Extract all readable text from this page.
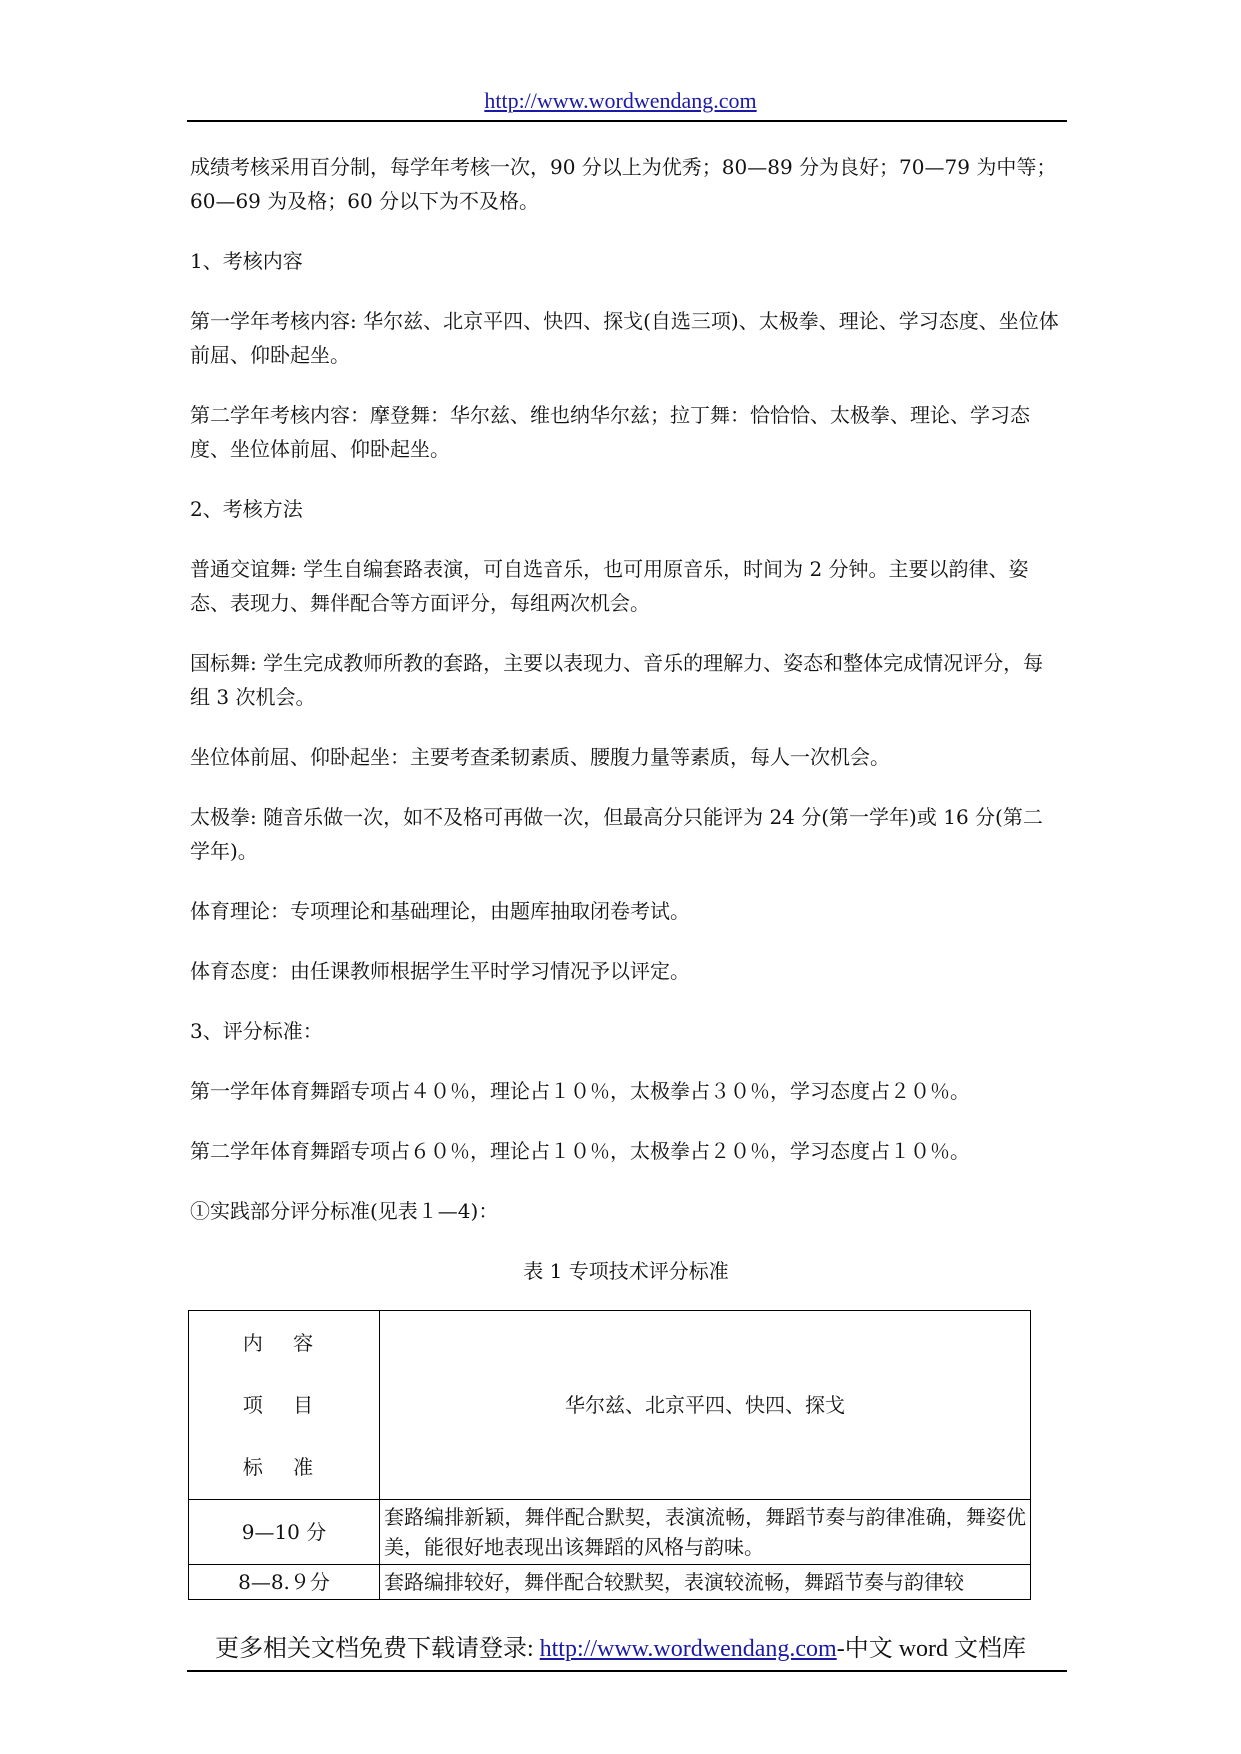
http://www.wordwendang.com

成绩考核采用百分制，每学年考核一次，90 分以上为优秀；80—89 分为良好；70—79 为中等；60—69 为及格；60 分以下为不及格。

1、考核内容

第一学年考核内容: 华尔兹、北京平四、快四、探戈(自选三项)、太极拳、理论、学习态度、坐位体前屈、仰卧起坐。

第二学年考核内容：摩登舞：华尔兹、维也纳华尔兹；拉丁舞：恰恰恰、太极拳、理论、学习态度、坐位体前屈、仰卧起坐。

2、考核方法

普通交谊舞: 学生自编套路表演，可自选音乐，也可用原音乐，时间为 2 分钟。主要以韵律、姿态、表现力、舞伴配合等方面评分，每组两次机会。

国标舞: 学生完成教师所教的套路，主要以表现力、音乐的理解力、姿态和整体完成情况评分，每组 3 次机会。

坐位体前屈、仰卧起坐：主要考查柔韧素质、腰腹力量等素质，每人一次机会。

太极拳: 随音乐做一次，如不及格可再做一次，但最高分只能评为 24 分(第一学年)或 16 分(第二学年)。

体育理论：专项理论和基础理论，由题库抽取闭卷考试。

体育态度：由任课教师根据学生平时学习情况予以评定。

3、评分标准：

第一学年体育舞蹈专项占４０％，理论占１０％，太极拳占３０％，学习态度占２０％。

第二学年体育舞蹈专项占６０％，理论占１０％，太极拳占２０％，学习态度占１０％。

①实践部分评分标准(见表１—4)：

表 1 专项技术评分标准
内 容
项 目
标 准	华尔兹、北京平四、快四、探戈
9—10 分	套路编排新颖，舞伴配合默契，表演流畅，舞蹈节奏与韵律准确，舞姿优美，能很好地表现出该舞蹈的风格与韵味。
8—8.９分	套路编排较好，舞伴配合较默契，表演较流畅，舞蹈节奏与韵律较
更多相关文档免费下载请登录: http://www.wordwendang.com-中文 word 文档库
